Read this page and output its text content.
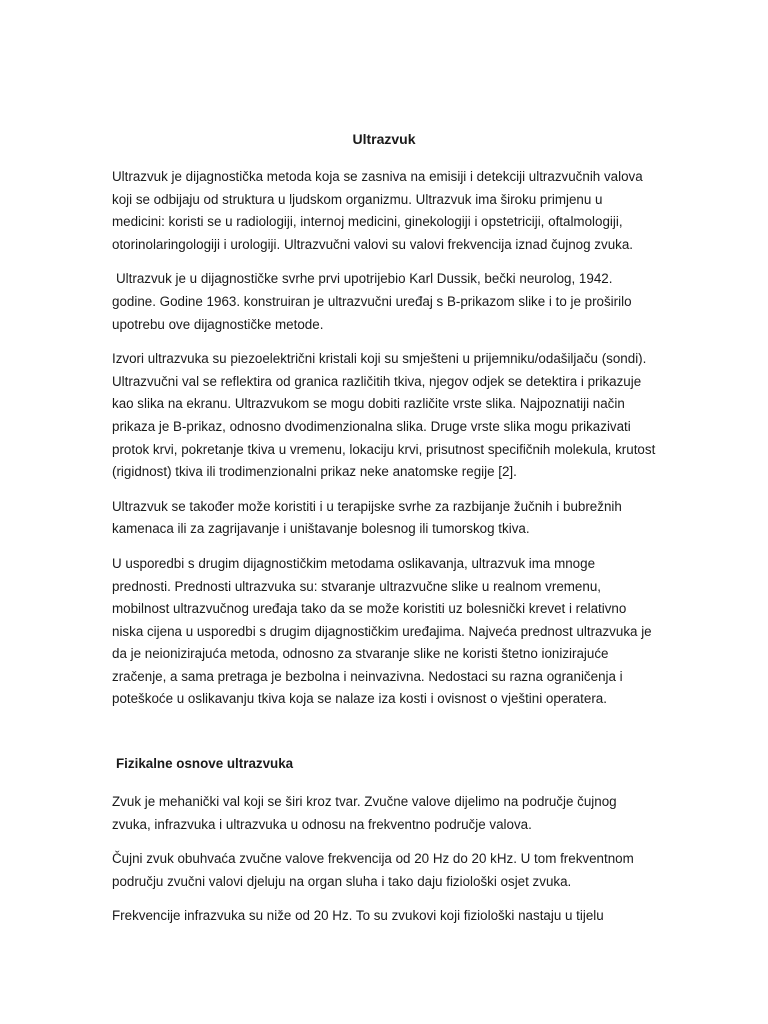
Ultrazvuk

Ultrazvuk je dijagnostička metoda koja se zasniva na emisiji i detekciji ultrazvučnih valova koji se odbijaju od struktura u ljudskom organizmu. Ultrazvuk ima široku primjenu u medicini: koristi se u radiologiji, internoj medicini, ginekologiji i opstetriciji, oftalmologiji, otorinolaringologiji i urologiji. Ultrazvučni valovi su valovi frekvencija iznad čujnog zvuka.

Ultrazvuk je u dijagnostičke svrhe prvi upotrijebio Karl Dussik, bečki neurolog, 1942. godine. Godine 1963. konstruiran je ultrazvučni uređaj s B-prikazom slike i to je proširilo upotrebu ove dijagnostičke metode.

Izvori ultrazvuka su piezoelektrični kristali koji su smješteni u prijemniku/odašiljaču (sondi). Ultrazvučni val se reflektira od granica različitih tkiva, njegov odjek se detektira i prikazuje kao slika na ekranu. Ultrazvukom se mogu dobiti različite vrste slika. Najpoznatiji način prikaza je B-prikaz, odnosno dvodimenzionalna slika. Druge vrste slika mogu prikazivati protok krvi, pokretanje tkiva u vremenu, lokaciju krvi, prisutnost specifičnih molekula, krutost (rigidnost) tkiva ili trodimenzionalni prikaz neke anatomske regije [2].

Ultrazvuk se također može koristiti i u terapijske svrhe za razbijanje žučnih i bubrežnih kamenaca ili za zagrijavanje i uništavanje bolesnog ili tumorskog tkiva.

U usporedbi s drugim dijagnostičkim metodama oslikavanja, ultrazvuk ima mnoge prednosti. Prednosti ultrazvuka su: stvaranje ultrazvučne slike u realnom vremenu, mobilnost ultrazvučnog uređaja tako da se može koristiti uz bolesnički krevet i relativno niska cijena u usporedbi s drugim dijagnostičkim uređajima. Najveća prednost ultrazvuka je da je neionizirajuća metoda, odnosno za stvaranje slike ne koristi štetno ionizirajuće zračenje, a sama pretraga je bezbolna i neinvazivna. Nedostaci su razna ograničenja i poteškoće u oslikavanju tkiva koja se nalaze iza kosti i ovisnost o vještini operatera.

Fizikalne osnove ultrazvuka

Zvuk je mehanički val koji se širi kroz tvar. Zvučne valove dijelimo na područje čujnog zvuka, infrazvuka i ultrazvuka u odnosu na frekventno područje valova.

Čujni zvuk obuhvaća zvučne valove frekvencija od 20 Hz do 20 kHz. U tom frekventnom području zvučni valovi djeluju na organ sluha i tako daju fiziološki osjet zvuka.

Frekvencije infrazvuka su niže od 20 Hz. To su zvukovi koji fiziološki nastaju u tijelu
